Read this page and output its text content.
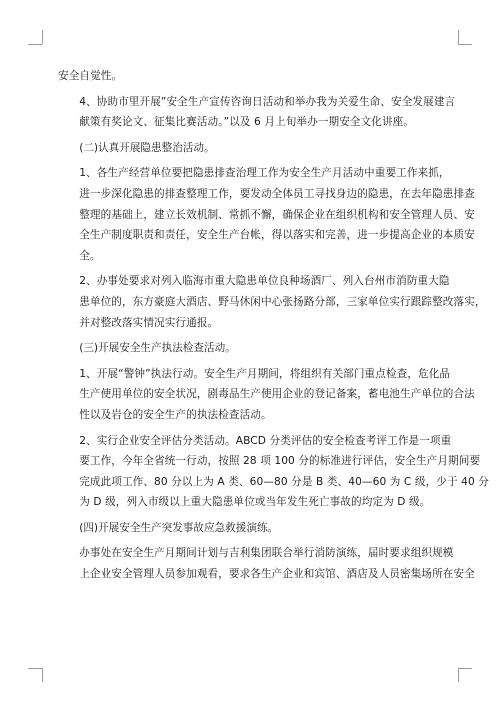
安全自觉性。

4、协助市里开展”安全生产宣传咨询日活动和举办我为关爱生命、安全发展建言
献策有奖论文、征集比赛活动。”以及 6 月上旬举办一期安全文化讲座。

(二)认真开展隐患整治活动。

1、各生产经营单位要把隐患排查治理工作为安全生产月活动中重要工作来抓，
进一步深化隐患的排查整理工作，要发动全体员工寻找身边的隐患，在去年隐患排查
整理的基础上，建立长效机制、常抓不懈，确保企业在组织机构和安全管理人员、安
全生产制度职责和责任，安全生产台帐，得以落实和完善，进一步提高企业的本质安
全。

2、办事处要求对列入临海市重大隐患单位良种场酒厂、列入台州市消防重大隐
患单位的，东方豪庭大酒店、野马休闲中心张扬路分部，三家单位实行跟踪整改落实，
并对整改落实情况实行通报。

(三)开展安全生产执法检查活动。

1、开展“警钟”执法行动。安全生产月期间，将组织有关部门重点检查，危化品
生产使用单位的安全状况，剧毒品生产使用企业的登记备案，蓄电池生产单位的合法
性以及岩仓的安全生产的执法检查活动。

2、实行企业安全评估分类活动。ABCD 分类评估的安全检查考评工作是一项重
要工作，今年全省统一行动，按照 28 项 100 分的标准进行评估，安全生产月期间要
完成此项工作、80 分以上为 A 类、60—80 分是 B 类、40—60 为 C 级，少于 40 分
为 D 级，列入市级以上重大隐患单位或当年发生死亡事故的均定为 D 级。

(四)开展安全生产突发事故应急救援演练。

办事处在安全生产月期间计划与吉利集团联合举行消防演练，届时要求组织规模
上企业安全管理人员参加观看，要求各生产企业和宾馆、酒店及人员密集场所在安全
